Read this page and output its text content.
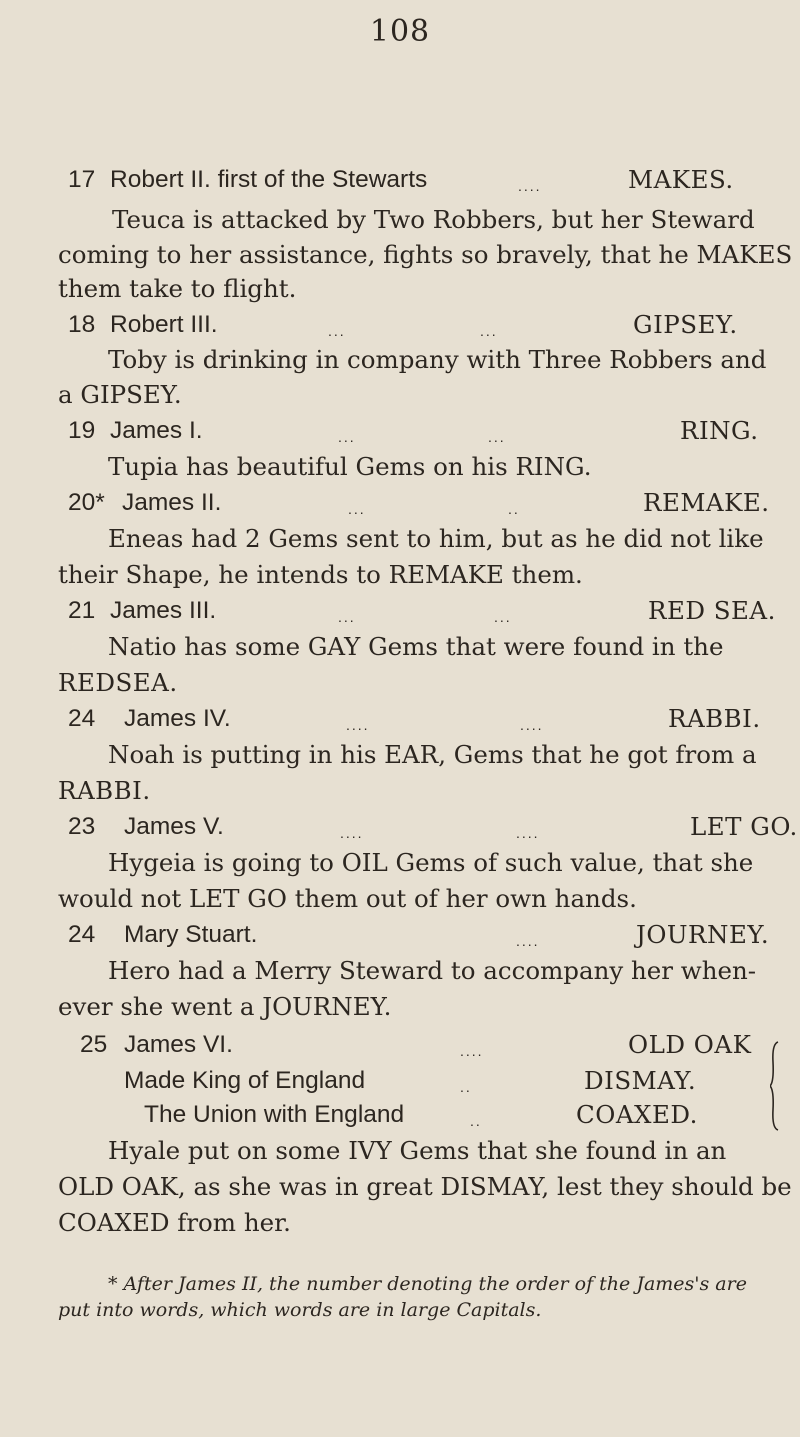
108
17 Robert II. first of the Stewarts	....	MAKES.
Teuca is attacked by Two Robbers, but her Steward
coming to her assistance, fights so bravely, that he MAKES
them take to flight.
18 Robert III.	...	...	GIPSEY.
Toby is drinking in company with Three Robbers and
a GIPSEY.
19 James I.	...	...	RING.
Tupia has beautiful Gems on his RING.
20* James II.	...	..	REMAKE.
Eneas had 2 Gems sent to him, but as he did not like
their Shape, he intends to REMAKE them.
21 James III.	...	...	RED SEA.
Natio has some GAY Gems that were found in the
REDSEA.
24 James IV.	....	....	RABBI.
Noah is putting in his EAR, Gems that he got from a
RABBI.
23 James V.	....	....	LET GO.
Hygeia is going to OIL Gems of such value, that she
would not LET GO them out of her own hands.
24 Mary Stuart.	....	JOURNEY.
Hero had a Merry Steward to accompany her when-
ever she went a JOURNEY.
25 James VI.	....	OLD OAK
Made King of England	..	DISMAY.
The Union with England	..	COAXED.
Hyale put on some IVY Gems that she found in an
OLD OAK, as she was in great DISMAY, lest they should be
COAXED from her.
* After James II, the number denoting the order of the James's are
put into words, which words are in large Capitals.
